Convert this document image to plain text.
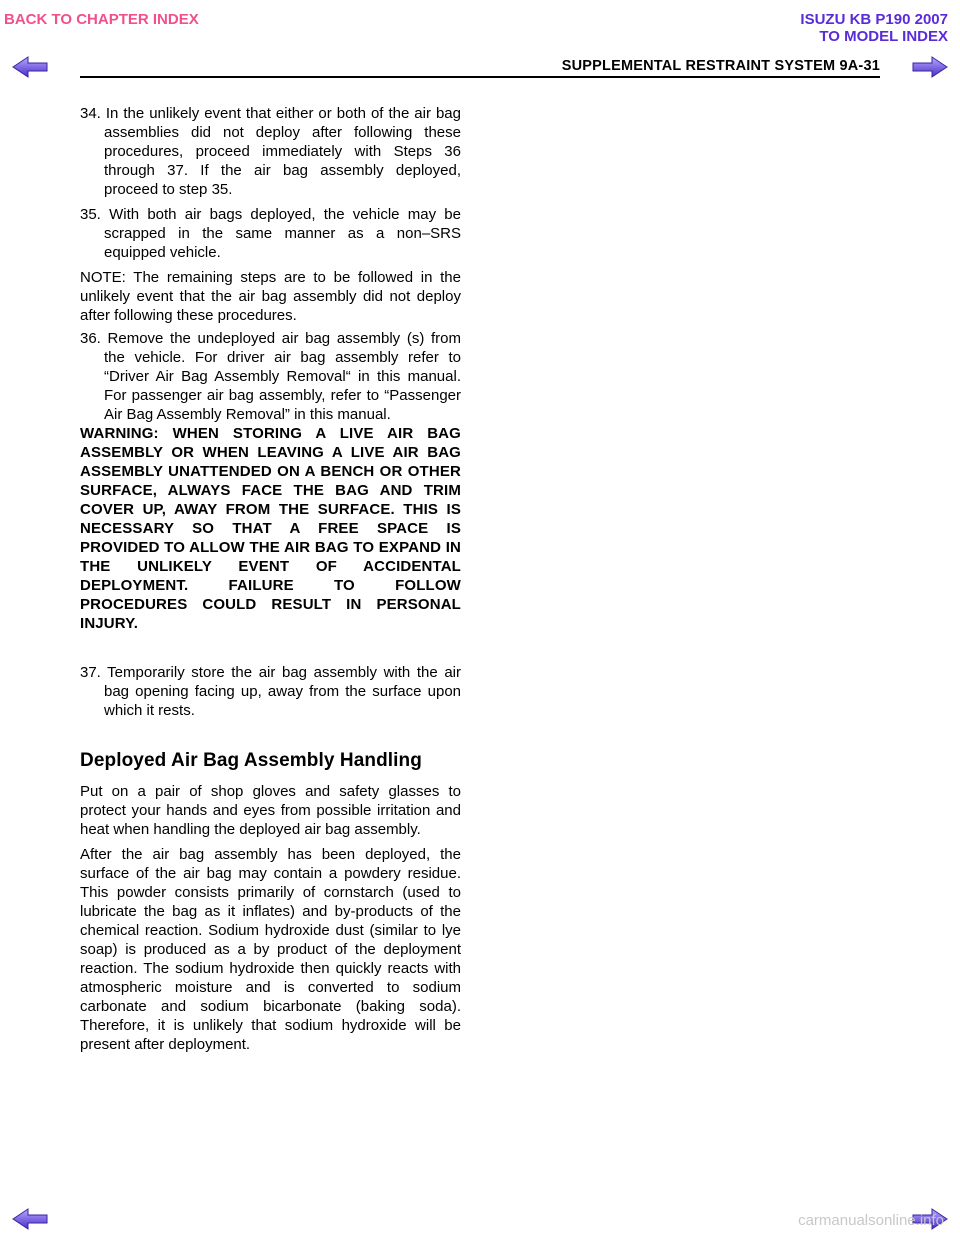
BACK TO CHAPTER INDEX	ISUZU KB P190 2007
TO MODEL INDEX
SUPPLEMENTAL RESTRAINT SYSTEM 9A-31

34. In the unlikely event that either or both of the air bag assemblies did not deploy after following these procedures, proceed immediately with Steps 36 through 37. If the air bag assembly deployed, proceed to step 35.

35. With both air bags deployed, the vehicle may be scrapped in the same manner as a non–SRS equipped vehicle.

NOTE: The remaining steps are to be followed in the unlikely event that the air bag assembly did not deploy after following these procedures.

36. Remove the undeployed air bag assembly (s) from the vehicle. For driver air bag assembly refer to “Driver Air Bag Assembly Removal“ in this manual. For passenger air bag assembly, refer to “Passenger Air Bag Assembly Removal” in this manual.

WARNING: WHEN STORING A LIVE AIR BAG ASSEMBLY OR WHEN LEAVING A LIVE AIR BAG ASSEMBLY UNATTENDED ON A BENCH OR OTHER SURFACE, ALWAYS FACE THE BAG AND TRIM COVER UP, AWAY FROM THE SURFACE. THIS IS NECESSARY SO THAT A FREE SPACE IS PROVIDED TO ALLOW THE AIR BAG TO EXPAND IN THE UNLIKELY EVENT OF ACCIDENTAL DEPLOYMENT. FAILURE TO FOLLOW PROCEDURES COULD RESULT IN PERSONAL INJURY.

37. Temporarily store the air bag assembly with the air bag opening facing up, away from the surface upon which it rests.

Deployed Air Bag Assembly Handling

Put on a pair of shop gloves and safety glasses to protect your hands and eyes from possible irritation and heat when handling the deployed air bag assembly.

After the air bag assembly has been deployed, the surface of the air bag may contain a powdery residue. This powder consists primarily of cornstarch (used to lubricate the bag as it inflates) and by-products of the chemical reaction. Sodium hydroxide dust (similar to lye soap) is produced as a by product of the deployment reaction. The sodium hydroxide then quickly reacts with atmospheric moisture and is converted to sodium carbonate and sodium bicarbonate (baking soda). Therefore, it is unlikely that sodium hydroxide will be present after deployment.

carmanualsonline.info
